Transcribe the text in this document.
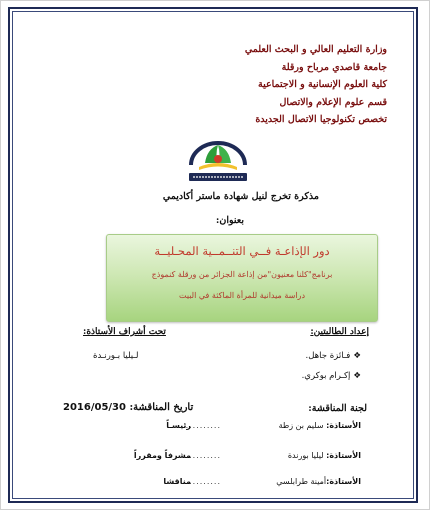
وزارة التعليم العالي و البحث العلمي
جامعة قاصدي مرباح ورقلة
كلية العلوم الإنسانية و الاجتماعية
قسم علوم الإعلام والاتصال
تخصص تكنولوجيا الاتصال الجديدة
مذكرة تخرج لنيل شهادة ماستر أكاديمي
بعنوان:
دور الإذاعـة فــي التنــمــية المحـليــة
برنامج"كلنا معنيون"من إذاعة الجزائر من ورقلة كنموذج
دراسة ميدانية للمرأة الماكثة في البيت
إعداد الطالبتين:
تحت أشراف الأستاذة:
❖فـائزة جاهل.
❖إكـرام بوكري.
لـيليا بـورنـدة
لجنة المناقشة:
تاريخ المناقشة: 2016/05/30
الأستاذة: سليم بن زطة
..........
رئيسـاً
الأستاذة: ليليا بورندة
..........
مشرفاً ومقرراً
الأستاذة:أمينة طرابلسي
..........
مناقشا
